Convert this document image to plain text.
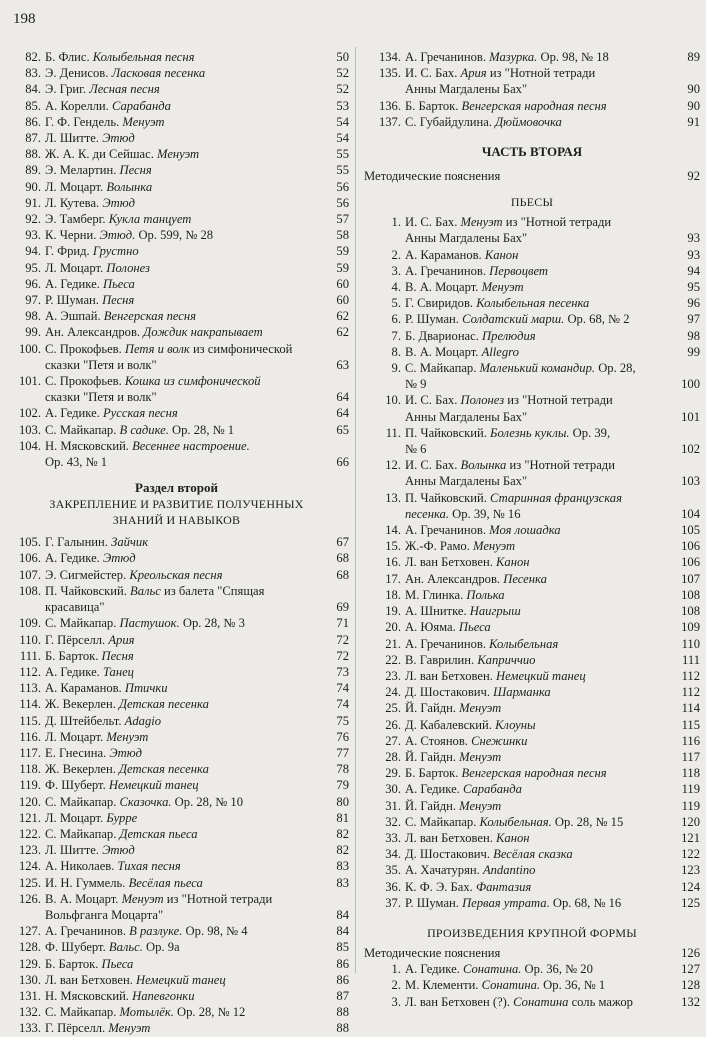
198
82. Б. Флис. Колыбельная песня	50
83. Э. Денисов. Ласковая песенка	52
84. Э. Григ. Лесная песня	52
85. А. Корелли. Сарабанда	53
86. Г. Ф. Гендель. Менуэт	54
87. Л. Шитте. Этюд	54
88. Ж. А. К. ди Сейшас. Менуэт	55
89. Э. Мелартин. Песня	55
90. Л. Моцарт. Волынка	56
91. Л. Кутева. Этюд	56
92. Э. Тамберг. Кукла танцует	57
93. К. Черни. Этюд. Ор. 599, № 28	58
94. Г. Фрид. Грустно	59
95. Л. Моцарт. Полонез	59
96. А. Гедике. Пьеса	60
97. Р. Шуман. Песня	60
98. А. Эшпай. Венгерская песня	62
99. Ан. Александров. Дождик накрапывает	62
100. С. Прокофьев. Петя и волк из симфонической
сказки "Петя и волк"	63
101. С. Прокофьев. Кошка из симфонической
сказки "Петя и волк"	64
102. А. Гедике. Русская песня	64
103. С. Майкапар. В садике. Ор. 28, № 1	65
104. Н. Мясковский. Весеннее настроение.
Ор. 43, № 1	66
Раздел второй
ЗАКРЕПЛЕНИЕ И РАЗВИТИЕ ПОЛУЧЕННЫХ
ЗНАНИЙ И НАВЫКОВ
105. Г. Галынин. Зайчик	67
106. А. Гедике. Этюд	68
107. Э. Сигмейстер. Креольская песня	68
108. П. Чайковский. Вальс из балета "Спящая
красавица"	69
109. С. Майкапар. Пастушок. Ор. 28, № 3	71
110. Г. Пёрселл. Ария	72
111. Б. Барток. Песня	72
112. А. Гедике. Танец	73
113. А. Караманов. Птички	74
114. Ж. Векерлен. Детская песенка	74
115. Д. Штейбельт. Adagio	75
116. Л. Моцарт. Менуэт	76
117. Е. Гнесина. Этюд	77
118. Ж. Векерлен. Детская песенка	78
119. Ф. Шуберт. Немецкий танец	79
120. С. Майкапар. Сказочка. Ор. 28, № 10	80
121. Л. Моцарт. Бурре	81
122. С. Майкапар. Детская пьеса	82
123. Л. Шитте. Этюд	82
124. А. Николаев. Тихая песня	83
125. И. Н. Гуммель. Весёлая пьеса	83
126. В. А. Моцарт. Менуэт из "Нотной тетради
Вольфганга Моцарта"	84
127. А. Гречанинов. В разлуке. Ор. 98, № 4	84
128. Ф. Шуберт. Вальс. Ор. 9а	85
129. Б. Барток. Пьеса	86
130. Л. ван Бетховен. Немецкий танец	86
131. Н. Мясковский. Напевгонки	87
132. С. Майкапар. Мотылёк. Ор. 28, № 12	88
133. Г. Пёрселл. Менуэт	88
134. А. Гречанинов. Мазурка. Ор. 98, № 18	89
135. И. С. Бах. Ария из "Нотной тетради
Анны Магдалены Бах"	90
136. Б. Барток. Венгерская народная песня	90
137. С. Губайдулина. Дюймовочка	91
ЧАСТЬ ВТОРАЯ
Методические пояснения	92
ПЬЕСЫ
1. И. С. Бах. Менуэт из "Нотной тетради
Анны Магдалены Бах"	93
2. А. Караманов. Канон	93
3. А. Гречанинов. Первоцвет	94
4. В. А. Моцарт. Менуэт	95
5. Г. Свиридов. Колыбельная песенка	96
6. Р. Шуман. Солдатский марш. Ор. 68, № 2	97
7. Б. Дварионас. Прелюдия	98
8. В. А. Моцарт. Allegro	99
9. С. Майкапар. Маленький командир. Ор. 28,
№ 9	100
10. И. С. Бах. Полонез из "Нотной тетради
Анны Магдалены Бах"	101
11. П. Чайковский. Болезнь куклы. Ор. 39,
№ 6	102
12. И. С. Бах. Волынка из "Нотной тетради
Анны Магдалены Бах"	103
13. П. Чайковский. Старинная французская
песенка. Ор. 39, № 16	104
14. А. Гречанинов. Моя лошадка	105
15. Ж.-Ф. Рамо. Менуэт	106
16. Л. ван Бетховен. Канон	106
17. Ан. Александров. Песенка	107
18. М. Глинка. Полька	108
19. А. Шнитке. Наигрыш	108
20. А. Юяма. Пьеса	109
21. А. Гречанинов. Колыбельная	110
22. В. Гаврилин. Каприччио	111
23. Л. ван Бетховен. Немецкий танец	112
24. Д. Шостакович. Шарманка	112
25. Й. Гайдн. Менуэт	114
26. Д. Кабалевский. Клоуны	115
27. А. Стоянов. Снежинки	116
28. Й. Гайдн. Менуэт	117
29. Б. Барток. Венгерская народная песня	118
30. А. Гедике. Сарабанда	119
31. Й. Гайдн. Менуэт	119
32. С. Майкапар. Колыбельная. Ор. 28, № 15	120
33. Л. ван Бетховен. Канон	121
34. Д. Шостакович. Весёлая сказка	122
35. А. Хачатурян. Andantino	123
36. К. Ф. Э. Бах. Фантазия	124
37. Р. Шуман. Первая утрата. Ор. 68, № 16	125
ПРОИЗВЕДЕНИЯ КРУПНОЙ ФОРМЫ
Методические пояснения	126
1. А. Гедике. Сонатина. Ор. 36, № 20	127
2. М. Клементи. Сонатина. Ор. 36, № 1	128
3. Л. ван Бетховен (?). Сонатина соль мажор	132
